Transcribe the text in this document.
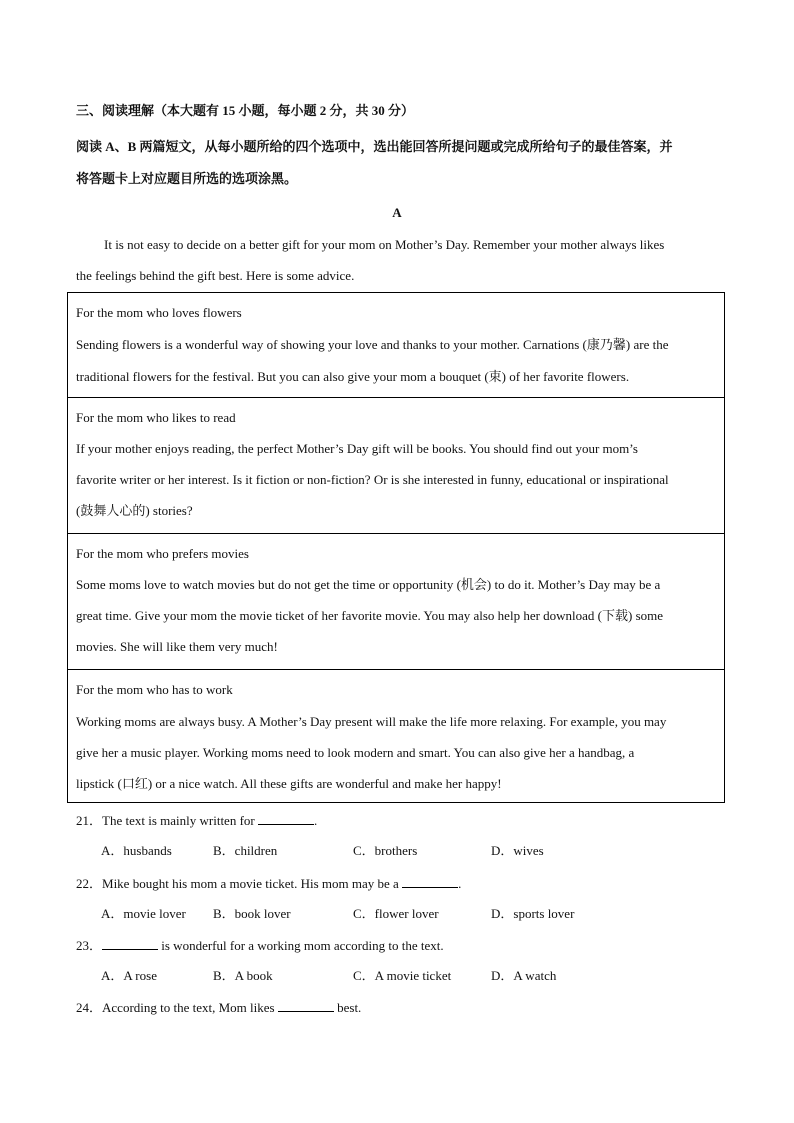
三、阅读理解（本大题有 15 小题，每小题 2 分，共 30 分）
阅读 A、B 两篇短文，从每小题所给的四个选项中，选出能回答所提问题或完成所给句子的最佳答案，并
将答题卡上对应题目所选的选项涂黑。
A
It is not easy to decide on a better gift for your mom on Mother’s Day. Remember your mother always likes
the feelings behind the gift best. Here is some advice.
For the mom who loves flowers
Sending flowers is a wonderful way of showing your love and thanks to your mother. Carnations (康乃馨) are the
traditional flowers for the festival. But you can also give your mom a bouquet (束) of her favorite flowers.
For the mom who likes to read
If your mother enjoys reading, the perfect Mother’s Day gift will be books. You should find out your mom’s
favorite writer or her interest. Is it fiction or non-fiction? Or is she interested in funny, educational or inspirational
(鼓舞人心的) stories?
For the mom who prefers movies
Some moms love to watch movies but do not get the time or opportunity (机会) to do it. Mother’s Day may be a
great time. Give your mom the movie ticket of her favorite movie. You may also help her download (下载) some
movies. She will like them very much!
For the mom who has to work
Working moms are always busy. A Mother’s Day present will make the life more relaxing. For example, you may
give her a music player. Working moms need to look modern and smart. You can also give her a handbag, a
lipstick (口红) or a nice watch. All these gifts are wonderful and make her happy!
21．The text is mainly written for	.
A．husbands	B．children	C．brothers	D．wives
22．Mike bought his mom a movie ticket. His mom may be a	.
A．movie lover B．book lover	C．flower lover	D．sports lover
23．	is wonderful for a working mom according to the text.
A．A rose	B．A book	C．A movie ticket	D．A watch
24．According to the text, Mom likes	best.
